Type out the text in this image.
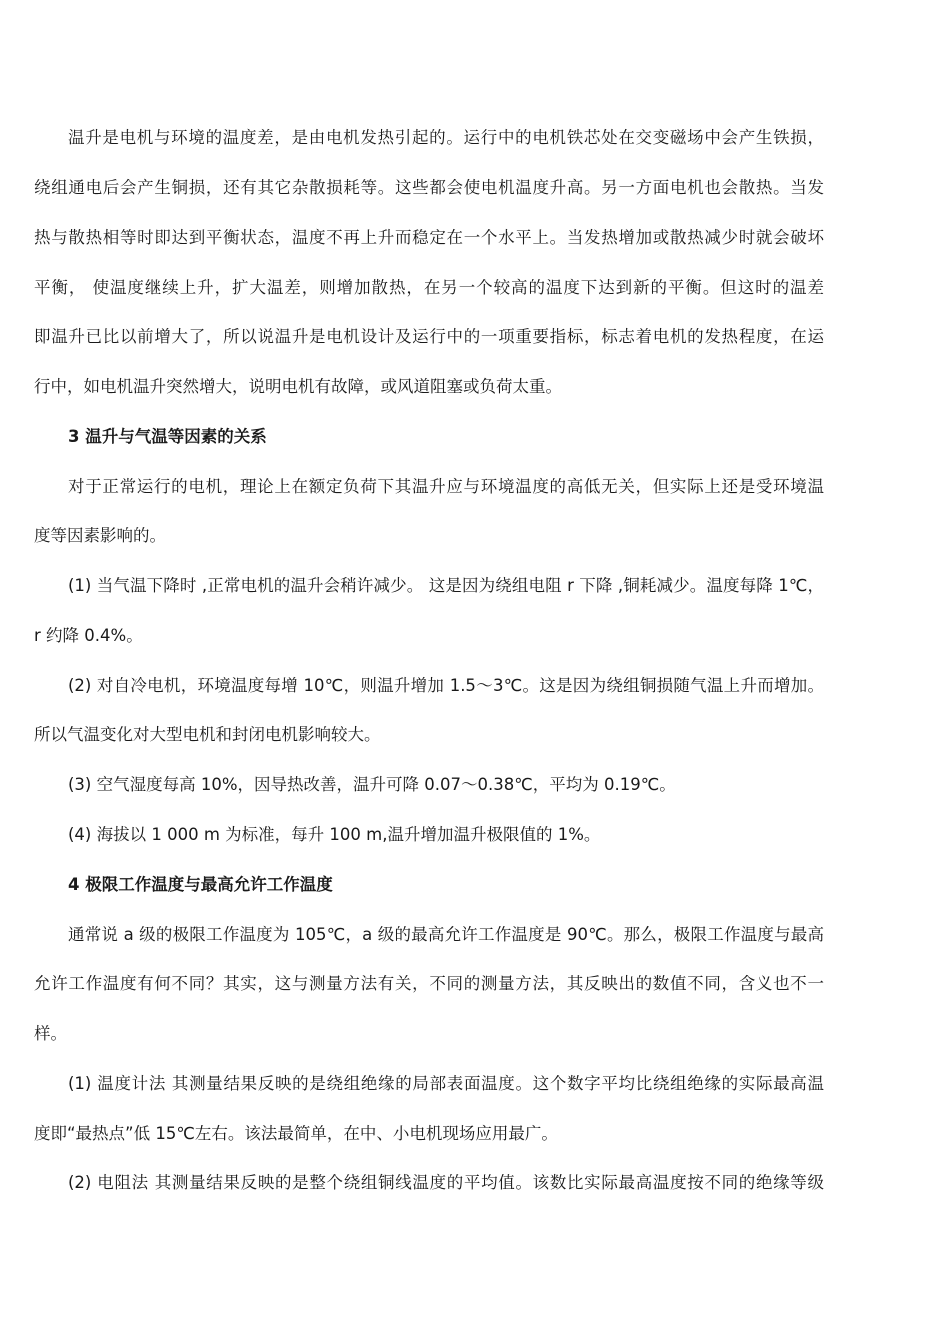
温升是电机与环境的温度差，是由电机发热引起的。运行中的电机铁芯处在交变磁场中会产生铁损，
绕组通电后会产生铜损，还有其它杂散损耗等。这些都会使电机温度升高。另一方面电机也会散热。当发
热与散热相等时即达到平衡状态，温度不再上升而稳定在一个水平上。当发热增加或散热减少时就会破坏
平衡， 使温度继续上升，扩大温差，则增加散热，在另一个较高的温度下达到新的平衡。但这时的温差
即温升已比以前增大了，所以说温升是电机设计及运行中的一项重要指标，标志着电机的发热程度，在运
行中，如电机温升突然增大，说明电机有故障，或风道阻塞或负荷太重。
3 温升与气温等因素的关系
对于正常运行的电机，理论上在额定负荷下其温升应与环境温度的高低无关，但实际上还是受环境温
度等因素影响的。
(1) 当气温下降时 ,正常电机的温升会稍许减少。 这是因为绕组电阻 r 下降 ,铜耗减少。温度每降 1℃，
r 约降 0.4%。
(2) 对自冷电机，环境温度每增 10℃，则温升增加 1.5～3℃。这是因为绕组铜损随气温上升而增加。
所以气温变化对大型电机和封闭电机影响较大。
(3) 空气湿度每高 10%，因导热改善，温升可降 0.07～0.38℃，平均为 0.19℃。
(4) 海拔以 1 000 m 为标准，每升 100 m,温升增加温升极限值的 1%。
4 极限工作温度与最高允许工作温度
通常说 a 级的极限工作温度为 105℃，a 级的最高允许工作温度是 90℃。那么，极限工作温度与最高
允许工作温度有何不同？其实，这与测量方法有关，不同的测量方法，其反映出的数值不同，含义也不一
样。
(1) 温度计法 其测量结果反映的是绕组绝缘的局部表面温度。这个数字平均比绕组绝缘的实际最高温
度即“最热点”低 15℃左右。该法最简单，在中、小电机现场应用最广。
(2) 电阻法 其测量结果反映的是整个绕组铜线温度的平均值。该数比实际最高温度按不同的绝缘等级
